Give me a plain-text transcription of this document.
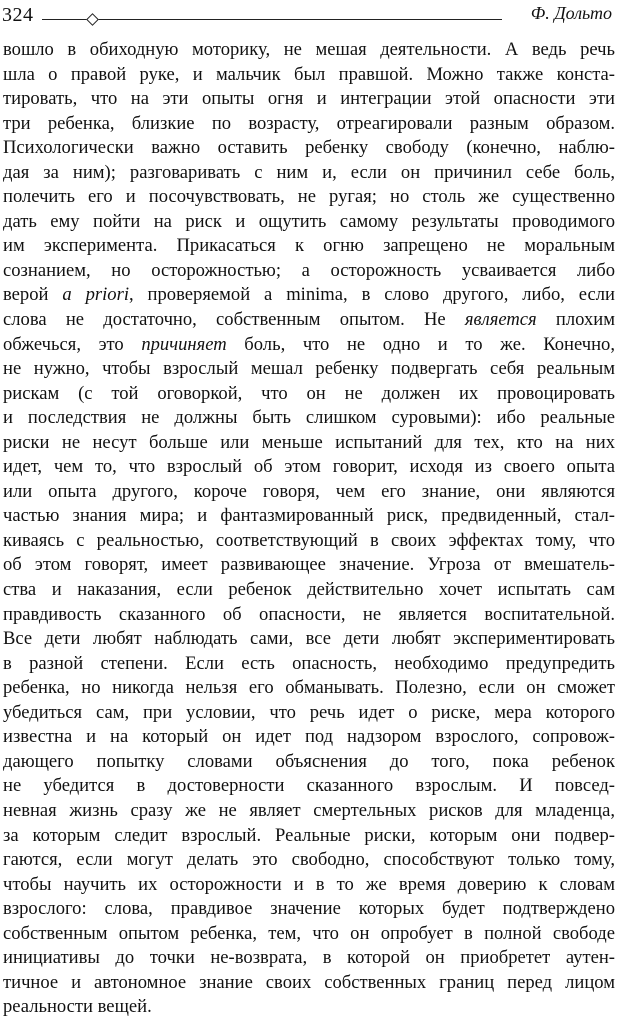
324	Ф. Дольто
вошло в обиходную моторику, не мешая деятельности. А ведь речь
шла о правой руке, и мальчик был правшой. Можно также конста-
тировать, что на эти опыты огня и интеграции этой опасности эти
три ребенка, близкие по возрасту, отреагировали разным образом.
Психологически важно оставить ребенку свободу (конечно, наблю-
дая за ним); разговаривать с ним и, если он причинил себе боль,
полечить его и посочувствовать, не ругая; но столь же существенно
дать ему пойти на риск и ощутить самому результаты проводимого
им эксперимента. Прикасаться к огню запрещено не моральным
сознанием, но осторожностью; а осторожность усваивается либо
верой a priori, проверяемой a minima, в слово другого, либо, если
слова не достаточно, собственным опытом. Не является плохим
обжечься, это причиняет боль, что не одно и то же. Конечно,
не нужно, чтобы взрослый мешал ребенку подвергать себя реальным
рискам (с той оговоркой, что он не должен их провоцировать
и последствия не должны быть слишком суровыми): ибо реальные
риски не несут больше или меньше испытаний для тех, кто на них
идет, чем то, что взрослый об этом говорит, исходя из своего опыта
или опыта другого, короче говоря, чем его знание, они являются
частью знания мира; и фантазмированный риск, предвиденный, стал-
киваясь с реальностью, соответствующий в своих эффектах тому, что
об этом говорят, имеет развивающее значение. Угроза от вмешатель-
ства и наказания, если ребенок действительно хочет испытать сам
правдивость сказанного об опасности, не является воспитательной.
Все дети любят наблюдать сами, все дети любят экспериментировать
в разной степени. Если есть опасность, необходимо предупредить
ребенка, но никогда нельзя его обманывать. Полезно, если он сможет
убедиться сам, при условии, что речь идет о риске, мера которого
известна и на который он идет под надзором взрослого, сопровож-
дающего попытку словами объяснения до того, пока ребенок
не убедится в достоверности сказанного взрослым. И повсед-
невная жизнь сразу же не являет смертельных рисков для младенца,
за которым следит взрослый. Реальные риски, которым они подвер-
гаются, если могут делать это свободно, способствуют только тому,
чтобы научить их осторожности и в то же время доверию к словам
взрослого: слова, правдивое значение которых будет подтверждено
собственным опытом ребенка, тем, что он опробует в полной свободе
инициативы до точки не-возврата, в которой он приобретет аутен-
тичное и автономное знание своих собственных границ перед лицом
реальности вещей.
